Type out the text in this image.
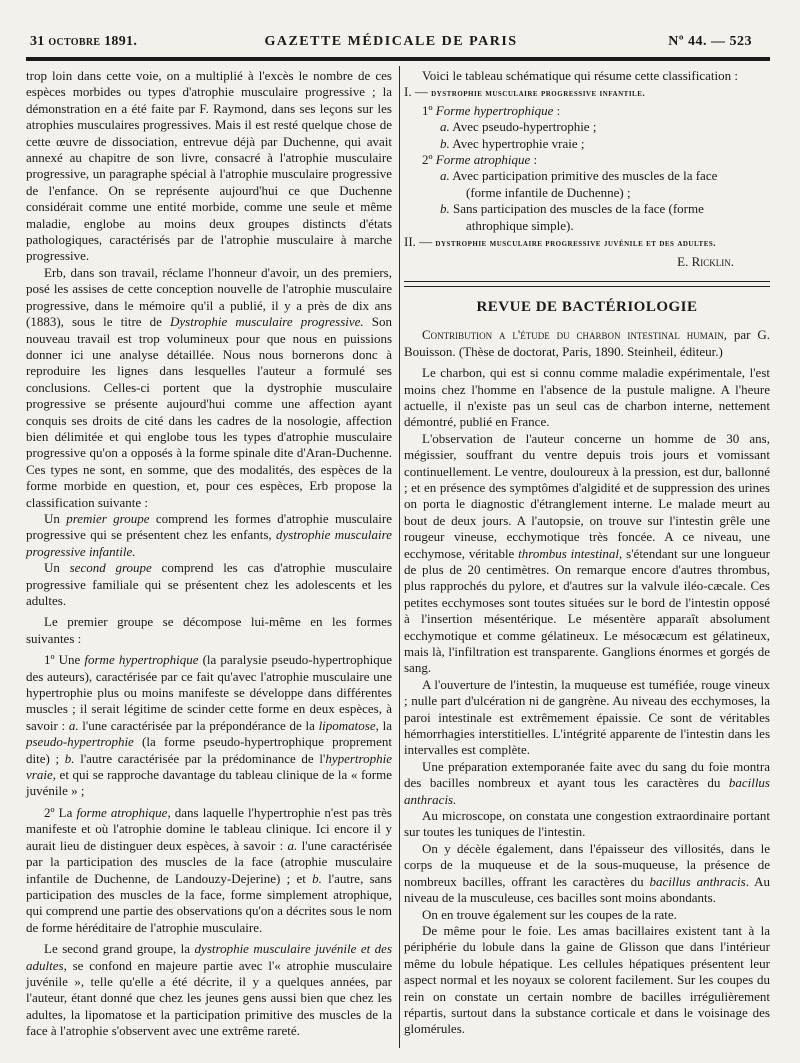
31 octobre 1891.	GAZETTE MÉDICALE DE PARIS	Nº 44. — 523

trop loin dans cette voie, on a multiplié à l'excès le nombre de ces espèces morbides ou types d'atrophie musculaire progressive ; la démonstration en a été faite par F. Raymond, dans ses leçons sur les atrophies musculaires progressives. Mais il est resté quelque chose de cette œuvre de dissociation, entrevue déjà par Duchenne, qui avait annexé au chapitre de son livre, consacré à l'atrophie musculaire progressive, un paragraphe spécial à l'atrophie musculaire progressive de l'enfance. On se représente aujourd'hui ce que Duchenne considérait comme une entité morbide, comme une seule et même maladie, englobe au moins deux groupes distincts d'états pathologiques, caractérisés par de l'atrophie musculaire à marche progressive.

Erb, dans son travail, réclame l'honneur d'avoir, un des premiers, posé les assises de cette conception nouvelle de l'atrophie musculaire progressive, dans le mémoire qu'il a publié, il y a près de dix ans (1883), sous le titre de Dystrophie musculaire progressive. Son nouveau travail est trop volumineux pour que nous en puissions donner ici une analyse détaillée. Nous nous bornerons donc à reproduire les lignes dans lesquelles l'auteur a formulé ses conclusions. Celles-ci portent que la dystrophie musculaire progressive se présente aujourd'hui comme une affection ayant conquis ses droits de cité dans les cadres de la nosologie, affection bien délimitée et qui englobe tous les types d'atrophie musculaire progressive qu'on a opposés à la forme spinale dite d'Aran-Duchenne. Ces types ne sont, en somme, que des modalités, des espèces de la forme morbide en question, et, pour ces espèces, Erb propose la classification suivante :

Un premier groupe comprend les formes d'atrophie musculaire progressive qui se présentent chez les enfants, dystrophie musculaire progressive infantile.

Un second groupe comprend les cas d'atrophie musculaire progressive familiale qui se présentent chez les adolescents et les adultes.

Le premier groupe se décompose lui-même en les formes suivantes :

1º Une forme hypertrophique (la paralysie pseudo-hypertrophique des auteurs), caractérisée par ce fait qu'avec l'atrophie musculaire une hypertrophie plus ou moins manifeste se développe dans différentes muscles ; il serait légitime de scinder cette forme en deux espèces, à savoir : a. l'une caractérisée par la prépondérance de la lipomatose, la pseudo-hypertrophie (la forme pseudo-hypertrophique proprement dite) ; b. l'autre caractérisée par la prédominance de l'hypertrophie vraie, et qui se rapproche davantage du tableau clinique de la « forme juvénile » ;

2º La forme atrophique, dans laquelle l'hypertrophie n'est pas très manifeste et où l'atrophie domine le tableau clinique. Ici encore il y aurait lieu de distinguer deux espèces, à savoir : a. l'une caractérisée par la participation des muscles de la face (atrophie musculaire infantile de Duchenne, de Landouzy-Dejerine) ; et b. l'autre, sans participation des muscles de la face, forme simplement atrophique, qui comprend une partie des observations qu'on a décrites sous le nom de forme héréditaire de l'atrophie musculaire.

Le second grand groupe, la dystrophie musculaire juvénile et des adultes, se confond en majeure partie avec l'« atrophie musculaire juvénile », telle qu'elle a été décrite, il y a quelques années, par l'auteur, étant donné que chez les jeunes gens aussi bien que chez les adultes, la lipomatose et la participation primitive des muscles de la face à l'atrophie s'observent avec une extrême rareté.

Voici le tableau schématique qui résume cette classification :

I. — dystrophie musculaire progressive infantile.
1º Forme hypertrophique :
a. Avec pseudo-hypertrophie ;
b. Avec hypertrophie vraie ;
2º Forme atrophique :
a. Avec participation primitive des muscles de la face
(forme infantile de Duchenne) ;
b. Sans participation des muscles de la face (forme
athrophique simple).
II. — dystrophie musculaire progressive juvénile et des adultes.
E. Ricklin.
REVUE DE BACTÉRIOLOGIE

Contribution a l'étude du charbon intestinal humain, par G. Bouisson. (Thèse de doctorat, Paris, 1890. Steinheil, éditeur.)

Le charbon, qui est si connu comme maladie expérimentale, l'est moins chez l'homme en l'absence de la pustule maligne. A l'heure actuelle, il n'existe pas un seul cas de charbon interne, nettement démontré, publié en France.

L'observation de l'auteur concerne un homme de 30 ans, mégissier, souffrant du ventre depuis trois jours et vomissant continuellement. Le ventre, douloureux à la pression, est dur, ballonné ; et en présence des symptômes d'algidité et de suppression des urines on porta le diagnostic d'étranglement interne. Le malade meurt au bout de deux jours. A l'autopsie, on trouve sur l'intestin grêle une rougeur vineuse, ecchymotique très foncée. A ce niveau, une ecchymose, véritable thrombus intestinal, s'étendant sur une longueur de plus de 20 centimètres. On remarque encore d'autres thrombus, plus rapprochés du pylore, et d'autres sur la valvule iléo-cæcale. Ces petites ecchymoses sont toutes situées sur le bord de l'intestin opposé à l'insertion mésentérique. Le mésentère apparaît absolument ecchymotique et comme gélatineux. Le mésocæcum est gélatineux, mais là, l'infiltration est transparente. Ganglions énormes et gorgés de sang.

A l'ouverture de l'intestin, la muqueuse est tuméfiée, rouge vineux ; nulle part d'ulcération ni de gangrène. Au niveau des ecchymoses, la paroi intestinale est extrêmement épaissie. Ce sont de véritables hémorrhagies interstitielles. L'intégrité apparente de l'intestin dans les intervalles est complète.

Une préparation extemporanée faite avec du sang du foie montra des bacilles nombreux et ayant tous les caractères du bacillus anthracis.

Au microscope, on constata une congestion extraordinaire portant sur toutes les tuniques de l'intestin.

On y décèle également, dans l'épaisseur des villosités, dans le corps de la muqueuse et de la sous-muqueuse, la présence de nombreux bacilles, offrant les caractères du bacillus anthracis. Au niveau de la musculeuse, ces bacilles sont moins abondants.

On en trouve également sur les coupes de la rate.

De même pour le foie. Les amas bacillaires existent tant à la périphérie du lobule dans la gaine de Glisson que dans l'intérieur même du lobule hépatique. Les cellules hépatiques présentent leur aspect normal et les noyaux se colorent facilement. Sur les coupes du rein on constate un certain nombre de bacilles irrégulièrement répartis, surtout dans la substance corticale et dans le voisinage des glomérules.
